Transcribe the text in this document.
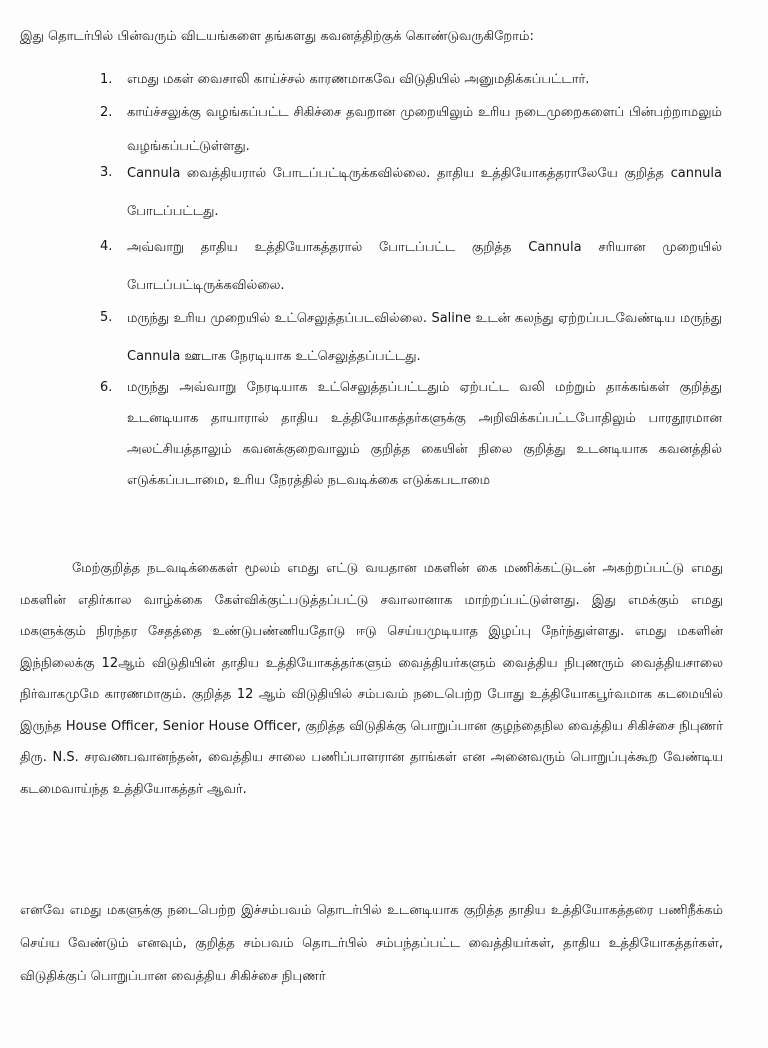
இது தொடர்பில் பின்வரும் விடயங்களை தங்களது கவனத்திற்குக் கொண்டுவருகிறோம்:
1. எமது மகள் வைசாலி காய்ச்சல் காரணமாகவே விடுதியில் அனுமதிக்கப்பட்டார்.
2. காய்ச்சலுக்கு வழங்கப்பட்ட சிகிச்சை தவறான முறையிலும் உரிய நடைமுறைகளைப் பின்பற்றாமலும் வழங்கப்பட்டுள்ளது.
3. Cannula வைத்தியரால் போடப்பட்டிருக்கவில்லை. தாதிய உத்தியோகத்தராலேயே குறித்த cannula போடப்பட்டது.
4. அவ்வாறு தாதிய உத்தியோகத்தரால் போடப்பட்ட குறித்த Cannula சரியான முறையில் போடப்பட்டிருக்கவில்லை.
5. மருந்து உரிய முறையில் உட்செலுத்தப்படவில்லை. Saline உடன் கலந்து ஏற்றப்படவேண்டிய மருந்து Cannula ஊடாக நேரடியாக உட்செலுத்தப்பட்டது.
6. மருந்து அவ்வாறு நேரடியாக உட்செலுத்தப்பட்டதும் ஏற்பட்ட வலி மற்றும் தாக்கங்கள் குறித்து உடனடியாக தாயாரால் தாதிய உத்தியோகத்தர்களுக்கு அறிவிக்கப்பட்டபோதிலும் பாரதூரமான அலட்சியத்தாலும் கவனக்குறைவாலும் குறித்த கையின் நிலை குறித்து உடனடியாக கவனத்தில் எடுக்கப்படாமை, உரிய நேரத்தில் நடவடிக்கை எடுக்கபடாமை

மேற்குறித்த நடவடிக்கைகள் மூலம் எமது எட்டு வயதான மகளின் கை மணிக்கட்டுடன் அகற்றப்பட்டு எமது மகளின் எதிர்கால வாழ்க்கை கேள்விக்குட்படுத்தப்பட்டு சவாலானாக மாற்றப்பட்டுள்ளது. இது எமக்கும் எமது மகளுக்கும் நிரந்தர சேதத்தை உண்டுபண்ணியதோடு ஈடு செய்யமுடியாத இழப்பு நேர்ந்துள்ளது. எமது மகளின் இந்நிலைக்கு 12ஆம் விடுதியின் தாதிய உத்தியோகத்தர்களும் வைத்தியர்களும் வைத்திய நிபுணரும் வைத்தியசாலை நிர்வாகமுமே காரணமாகும். குறித்த 12 ஆம் விடுதியில் சம்பவம் நடைபெற்ற போது உத்தியோகபூர்வமாக கடமையில் இருந்த House Officer, Senior House Officer, குறித்த விடுதிக்கு பொறுப்பான குழந்தைநில வைத்திய சிகிச்சை நிபுணர் திரு. N.S. சரவணபவானந்தன், வைத்திய சாலை பணிப்பாளரான தாங்கள் என அனைவரும் பொறுப்புக்கூற வேண்டிய கடமைவாய்ந்த உத்தியோகத்தர் ஆவர்.

எனவே எமது மகளுக்கு நடைபெற்ற இச்சம்பவம் தொடர்பில் உடனடியாக குறித்த தாதிய உத்தியோகத்தரை பணிநீக்கம் செய்ய வேண்டும் எனவும், குறித்த சம்பவம் தொடர்பில் சம்பந்தப்பட்ட வைத்தியர்கள், தாதிய உத்தியோகத்தர்கள், விடுதிக்குப் பொறுப்பான வைத்திய சிகிச்சை நிபுணர்
